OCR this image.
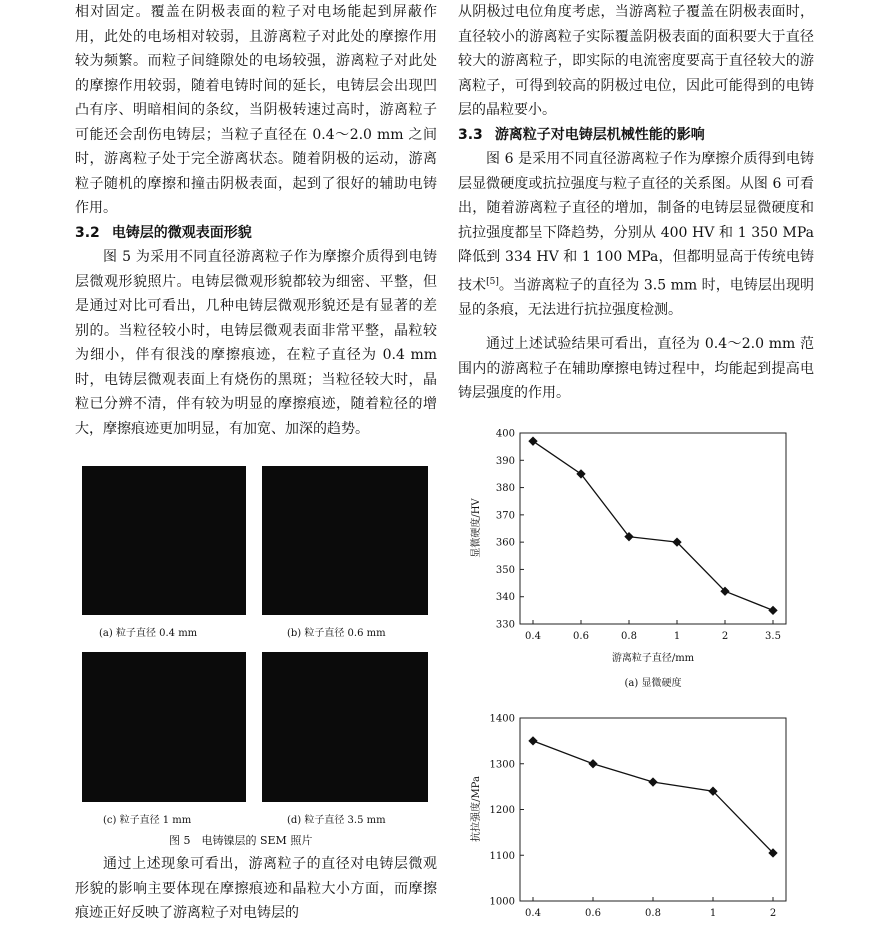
相对固定。覆盖在阴极表面的粒子对电场能起到屏蔽作用，此处的电场相对较弱，且游离粒子对此处的摩擦作用较为频繁。而粒子间缝隙处的电场较强，游离粒子对此处的摩擦作用较弱，随着电铸时间的延长，电铸层会出现凹凸有序、明暗相间的条纹，当阴极转速过高时，游离粒子可能还会刮伤电铸层；当粒子直径在 0.4～2.0 mm 之间时，游离粒子处于完全游离状态。随着阴极的运动，游离粒子随机的摩擦和撞击阴极表面，起到了很好的辅助电铸作用。

3.2 电铸层的微观表面形貌

图 5 为采用不同直径游离粒子作为摩擦介质得到电铸层微观形貌照片。电铸层微观形貌都较为细密、平整，但是通过对比可看出，几种电铸层微观形貌还是有显著的差别的。当粒径较小时，电铸层微观表面非常平整，晶粒较为细小，伴有很浅的摩擦痕迹，在粒子直径为 0.4 mm 时，电铸层微观表面上有烧伤的黑斑；当粒径较大时，晶粒已分辨不清，伴有较为明显的摩擦痕迹，随着粒径的增大，摩擦痕迹更加明显，有加宽、加深的趋势。

(a) 粒子直径 0.4 mm	(b) 粒子直径 0.6 mm
(c) 粒子直径 1 mm	(d) 粒子直径 3.5 mm
图 5　电铸镍层的 SEM 照片

通过上述现象可看出，游离粒子的直径对电铸层微观形貌的影响主要体现在摩擦痕迹和晶粒大小方面，而摩擦痕迹正好反映了游离粒子对电铸层的

从阴极过电位角度考虑，当游离粒子覆盖在阴极表面时，直径较小的游离粒子实际覆盖阴极表面的面积要大于直径较大的游离粒子，即实际的电流密度要高于直径较大的游离粒子，可得到较高的阴极过电位，因此可能得到的电铸层的晶粒要小。

3.3 游离粒子对电铸层机械性能的影响

图 6 是采用不同直径游离粒子作为摩擦介质得到电铸层显微硬度或抗拉强度与粒子直径的关系图。从图 6 可看出，随着游离粒子直径的增加，制备的电铸层显微硬度和抗拉强度都呈下降趋势，分别从 400 HV 和 1 350 MPa 降低到 334 HV 和 1 100 MPa，但都明显高于传统电铸技术[5]。当游离粒子的直径为 3.5 mm 时，电铸层出现明显的条痕，无法进行抗拉强度检测。

通过上述试验结果可看出，直径为 0.4～2.0 mm 范围内的游离粒子在辅助摩擦电铸过程中，均能起到提高电铸层强度的作用。

330
340
350
360
370
380
390
400
0.4	0.6	0.8	1	2	3.5
显微硬度/HV
游离粒子直径/mm
(a) 显微硬度
1000
1100
1200
1300
1400
0.4	0.6	0.8	1	2
抗拉强度/MPa
